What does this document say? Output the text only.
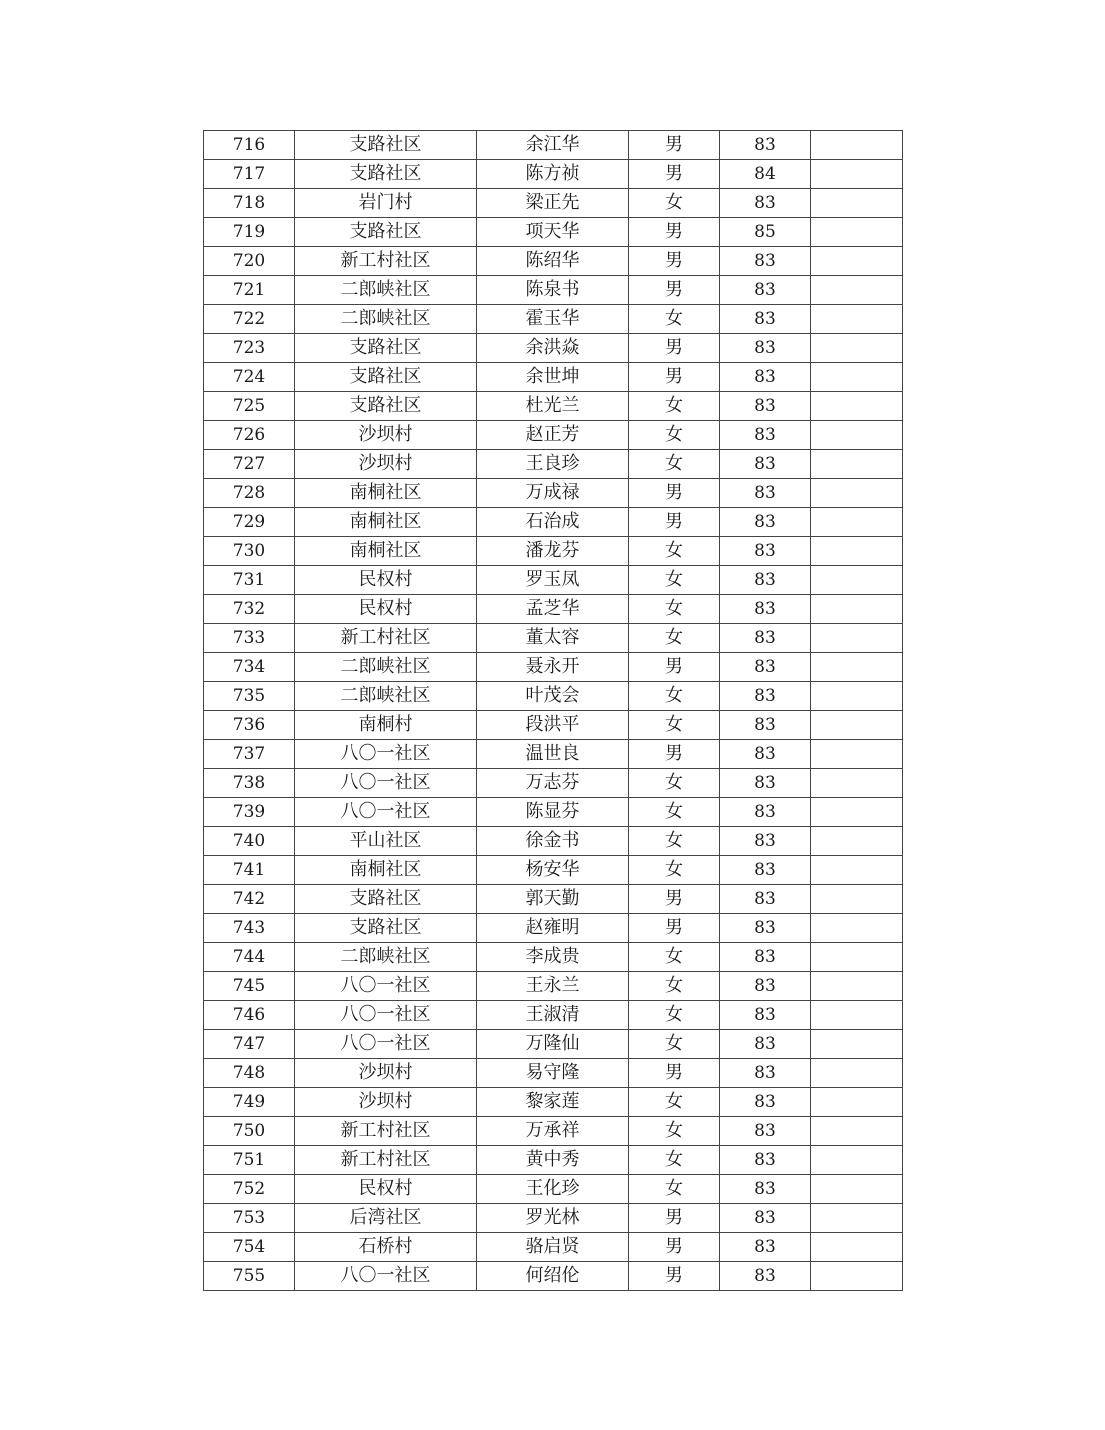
716	支路社区	余江华	男	83	
717	支路社区	陈方祯	男	84	
718	岩门村	梁正先	女	83	
719	支路社区	项天华	男	85	
720	新工村社区	陈绍华	男	83	
721	二郎峡社区	陈泉书	男	83	
722	二郎峡社区	霍玉华	女	83	
723	支路社区	余洪焱	男	83	
724	支路社区	余世坤	男	83	
725	支路社区	杜光兰	女	83	
726	沙坝村	赵正芳	女	83	
727	沙坝村	王良珍	女	83	
728	南桐社区	万成禄	男	83	
729	南桐社区	石治成	男	83	
730	南桐社区	潘龙芬	女	83	
731	民权村	罗玉凤	女	83	
732	民权村	孟芝华	女	83	
733	新工村社区	董太容	女	83	
734	二郎峡社区	聂永开	男	83	
735	二郎峡社区	叶茂会	女	83	
736	南桐村	段洪平	女	83	
737	八〇一社区	温世良	男	83	
738	八〇一社区	万志芬	女	83	
739	八〇一社区	陈显芬	女	83	
740	平山社区	徐金书	女	83	
741	南桐社区	杨安华	女	83	
742	支路社区	郭天勤	男	83	
743	支路社区	赵雍明	男	83	
744	二郎峡社区	李成贵	女	83	
745	八〇一社区	王永兰	女	83	
746	八〇一社区	王淑清	女	83	
747	八〇一社区	万隆仙	女	83	
748	沙坝村	易守隆	男	83	
749	沙坝村	黎家莲	女	83	
750	新工村社区	万承祥	女	83	
751	新工村社区	黄中秀	女	83	
752	民权村	王化珍	女	83	
753	后湾社区	罗光林	男	83	
754	石桥村	骆启贤	男	83	
755	八〇一社区	何绍伦	男	83	
